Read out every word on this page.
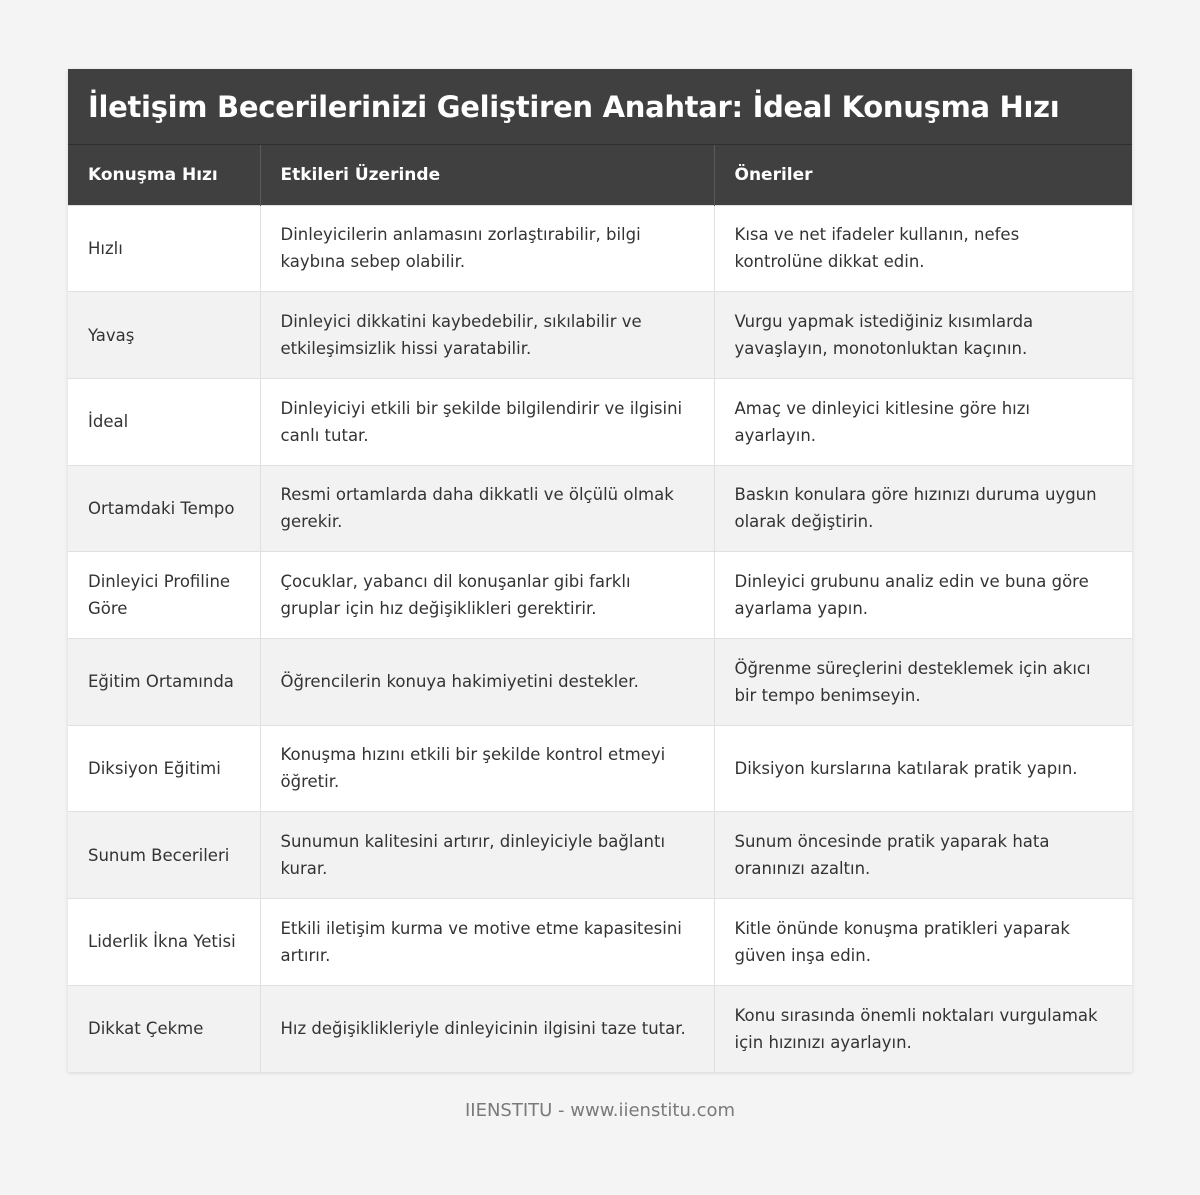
İletişim Becerilerinizi Geliştiren Anahtar: İdeal Konuşma Hızı
Konuşma Hızı	Etkileri Üzerinde	Öneriler
Hızlı	Dinleyicilerin anlamasını zorlaştırabilir, bilgi kaybına sebep olabilir.	Kısa ve net ifadeler kullanın, nefes kontrolüne dikkat edin.
Yavaş	Dinleyici dikkatini kaybedebilir, sıkılabilir ve etkileşimsizlik hissi yaratabilir.	Vurgu yapmak istediğiniz kısımlarda yavaşlayın, monotonluktan kaçının.
İdeal	Dinleyiciyi etkili bir şekilde bilgilendirir ve ilgisini canlı tutar.	Amaç ve dinleyici kitlesine göre hızı ayarlayın.
Ortamdaki Tempo	Resmi ortamlarda daha dikkatli ve ölçülü olmak gerekir.	Baskın konulara göre hızınızı duruma uygun olarak değiştirin.
Dinleyici Profiline Göre	Çocuklar, yabancı dil konuşanlar gibi farklı gruplar için hız değişiklikleri gerektirir.	Dinleyici grubunu analiz edin ve buna göre ayarlama yapın.
Eğitim Ortamında	Öğrencilerin konuya hakimiyetini destekler.	Öğrenme süreçlerini desteklemek için akıcı bir tempo benimseyin.
Diksiyon Eğitimi	Konuşma hızını etkili bir şekilde kontrol etmeyi öğretir.	Diksiyon kurslarına katılarak pratik yapın.
Sunum Becerileri	Sunumun kalitesini artırır, dinleyiciyle bağlantı kurar.	Sunum öncesinde pratik yaparak hata oranınızı azaltın.
Liderlik İkna Yetisi	Etkili iletişim kurma ve motive etme kapasitesini artırır.	Kitle önünde konuşma pratikleri yaparak güven inşa edin.
Dikkat Çekme	Hız değişiklikleriyle dinleyicinin ilgisini taze tutar.	Konu sırasında önemli noktaları vurgulamak için hızınızı ayarlayın.
IIENSTITU - www.iienstitu.com
